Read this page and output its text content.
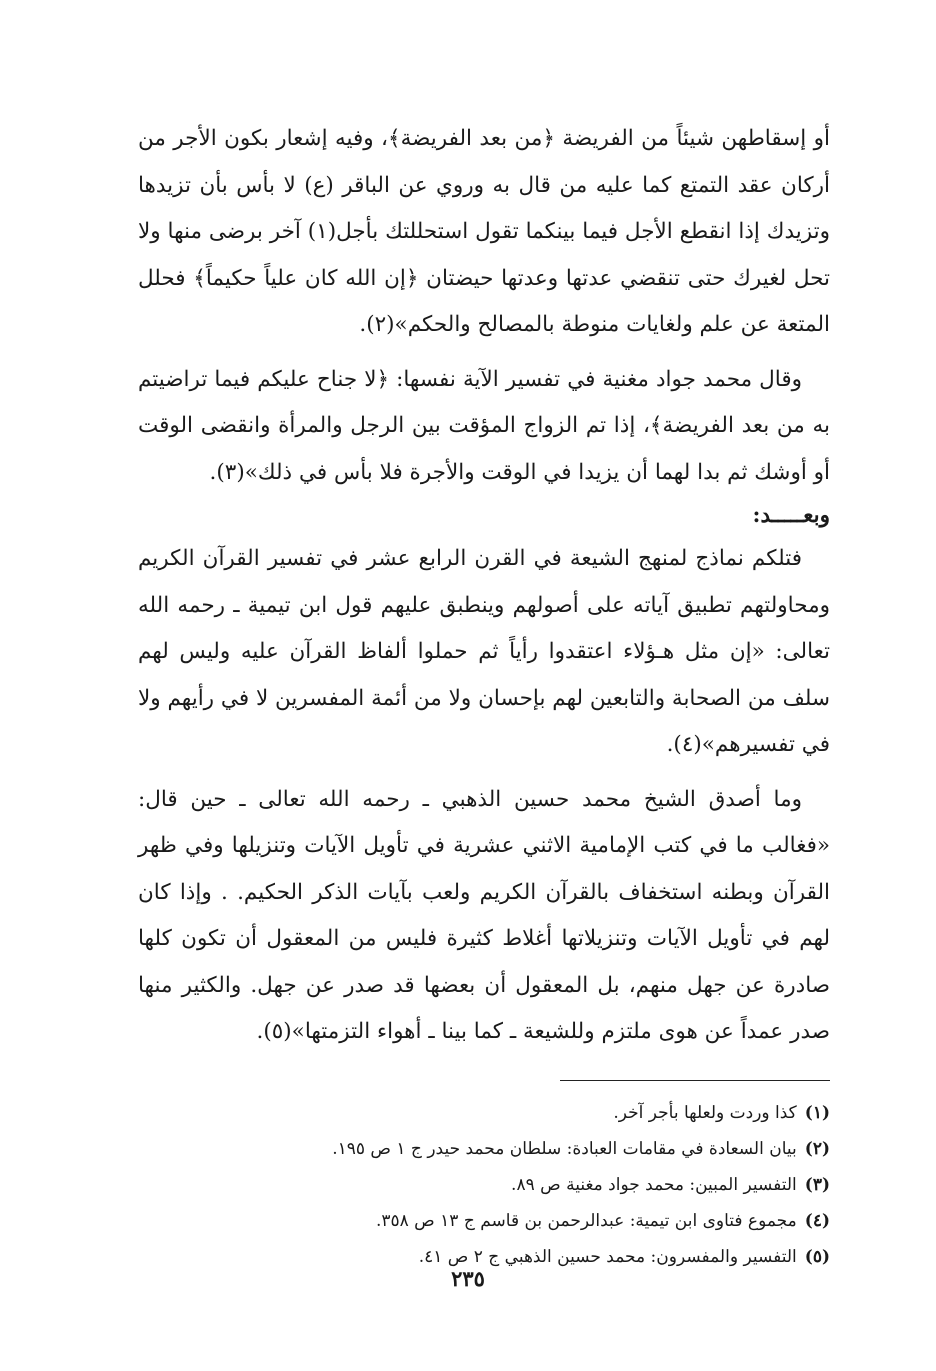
أو إسقاطهن شيئاً من الفريضة ﴿من بعد الفريضة﴾، وفيه إشعار بكون الأجر من أركان عقد التمتع كما عليه من قال به وروي عن الباقر (ع) لا بأس بأن تزيدها وتزيدك إذا انقطع الأجل فيما بينكما تقول استحللتك بأجل(١) آخر برضى منها ولا تحل لغيرك حتى تنقضي عدتها وعدتها حيضتان ﴿إن الله كان علياً حكيماً﴾ فحلل المتعة عن علم ولغايات منوطة بالمصالح والحكم»(٢).

وقال محمد جواد مغنية في تفسير الآية نفسها: ﴿لا جناح عليكم فيما تراضيتم به من بعد الفريضة﴾، إذا تم الزواج المؤقت بين الرجل والمرأة وانقضى الوقت أو أوشك ثم بدا لهما أن يزيدا في الوقت والأجرة فلا بأس في ذلك»(٣).

وبعـــــد:

فتلكم نماذج لمنهج الشيعة في القرن الرابع عشر في تفسير القرآن الكريم ومحاولتهم تطبيق آياته على أصولهم وينطبق عليهم قول ابن تيمية ـ رحمه الله تعالى: «إن مثل هـؤلاء اعتقدوا رأياً ثم حملوا ألفاظ القرآن عليه وليس لهم سلف من الصحابة والتابعين لهم بإحسان ولا من أئمة المفسرين لا في رأيهم ولا في تفسيرهم»(٤).

وما أصدق الشيخ محمد حسين الذهبي ـ رحمه الله تعالى ـ حين قال: «فغالب ما في كتب الإمامية الاثني عشرية في تأويل الآيات وتنزيلها وفي ظهر القرآن وبطنه استخفاف بالقرآن الكريم ولعب بآيات الذكر الحكيم. . وإذا كان لهم في تأويل الآيات وتنزيلاتها أغلاط كثيرة فليس من المعقول أن تكون كلها صادرة عن جهل منهم، بل المعقول أن بعضها قد صدر عن جهل. والكثير منها صدر عمداً عن هوى ملتزم وللشيعة ـ كما بينا ـ أهواء التزمتها»(٥).

(١)كذا وردت ولعلها بأجر آخر.
(٢)بيان السعادة في مقامات العبادة: سلطان محمد حيدر ج ١ ص ١٩٥.
(٣)التفسير المبين: محمد جواد مغنية ص ٨٩.
(٤)مجموع فتاوى ابن تيمية: عبدالرحمن بن قاسم ج ١٣ ص ٣٥٨.
(٥)التفسير والمفسرون: محمد حسين الذهبي ج ٢ ص ٤١.
٢٣٥
